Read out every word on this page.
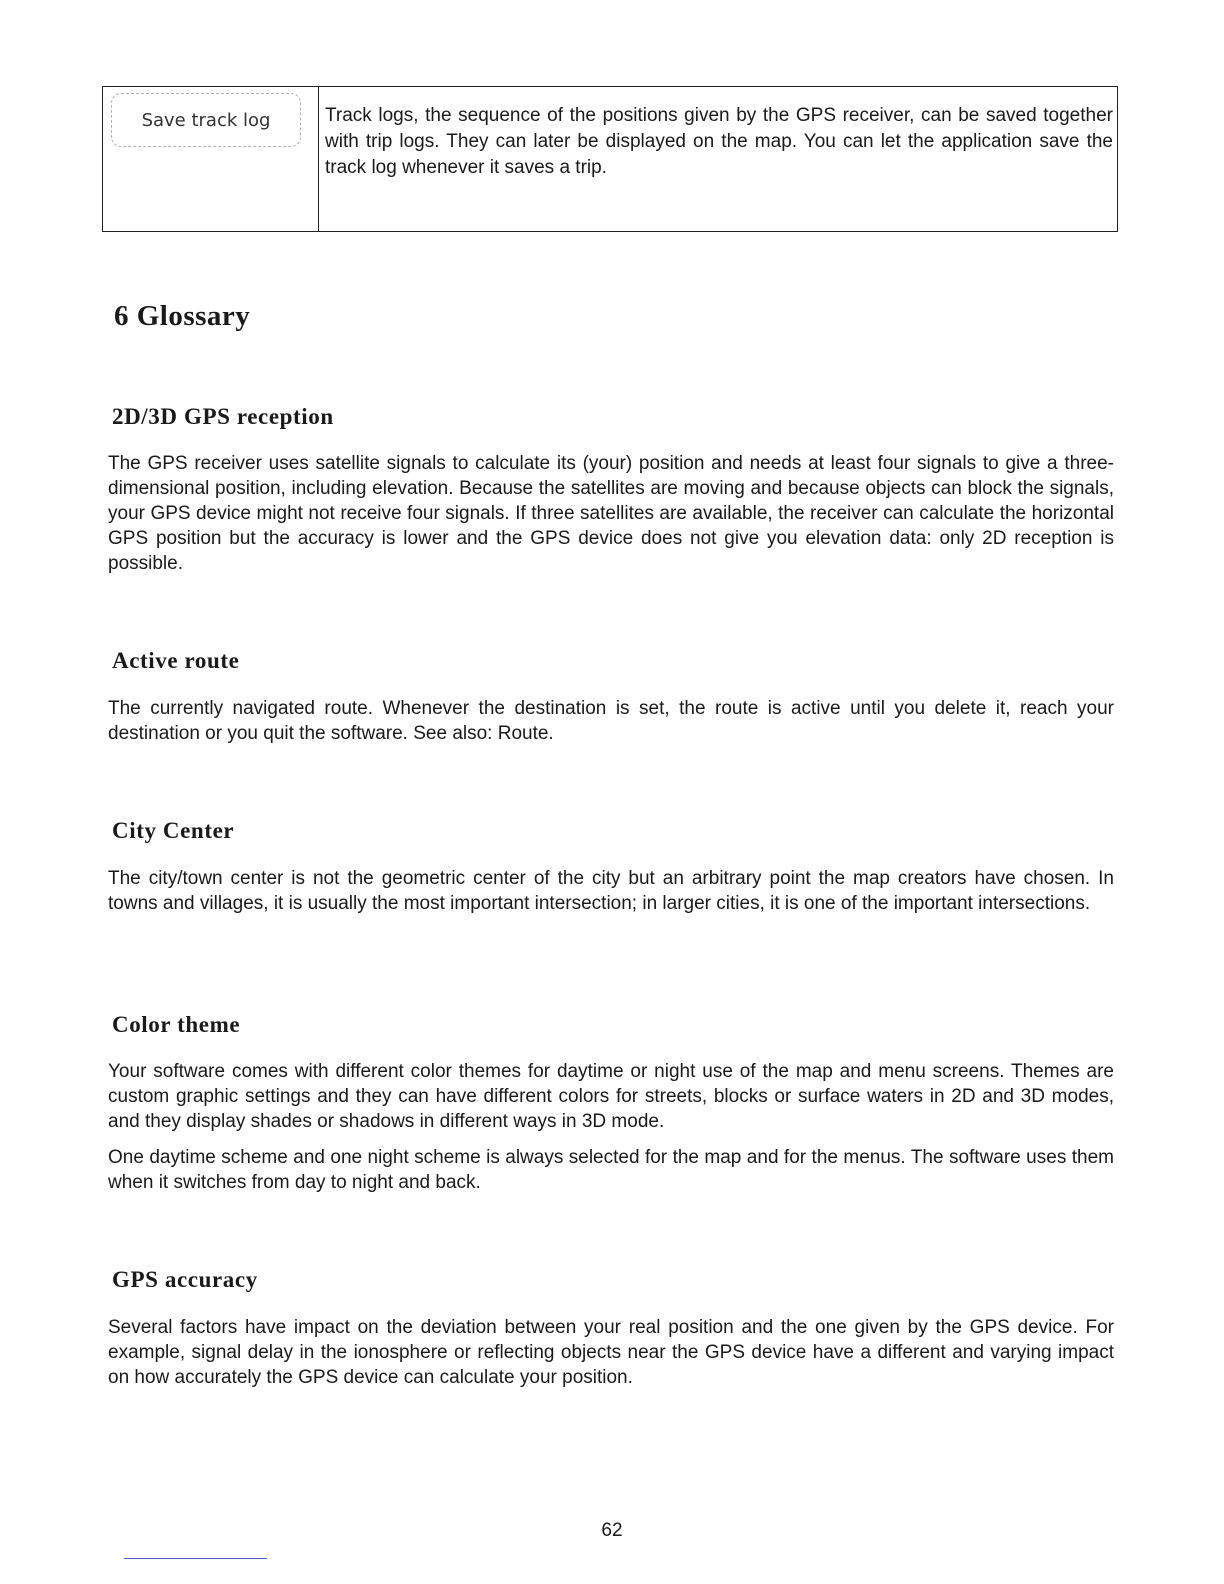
Save track log	Track logs, the sequence of the positions given by the GPS receiver, can be saved together with trip logs. They can later be displayed on the map. You can let the application save the track log whenever it saves a trip.
6 Glossary
2D/3D GPS reception

The GPS receiver uses satellite signals to calculate its (your) position and needs at least four signals to give a three-dimensional position, including elevation. Because the satellites are moving and because objects can block the signals, your GPS device might not receive four signals. If three satellites are available, the receiver can calculate the horizontal GPS position but the accuracy is lower and the GPS device does not give you elevation data: only 2D reception is possible.

Active route

The currently navigated route. Whenever the destination is set, the route is active until you delete it, reach your destination or you quit the software. See also: Route.

City Center

The city/town center is not the geometric center of the city but an arbitrary point the map creators have chosen. In towns and villages, it is usually the most important intersection; in larger cities, it is one of the important intersections.

Color theme

Your software comes with different color themes for daytime or night use of the map and menu screens. Themes are custom graphic settings and they can have different colors for streets, blocks or surface waters in 2D and 3D modes, and they display shades or shadows in different ways in 3D mode.

One daytime scheme and one night scheme is always selected for the map and for the menus. The software uses them when it switches from day to night and back.

GPS accuracy

Several factors have impact on the deviation between your real position and the one given by the GPS device. For example, signal delay in the ionosphere or reflecting objects near the GPS device have a different and varying impact on how accurately the GPS device can calculate your position.

62
